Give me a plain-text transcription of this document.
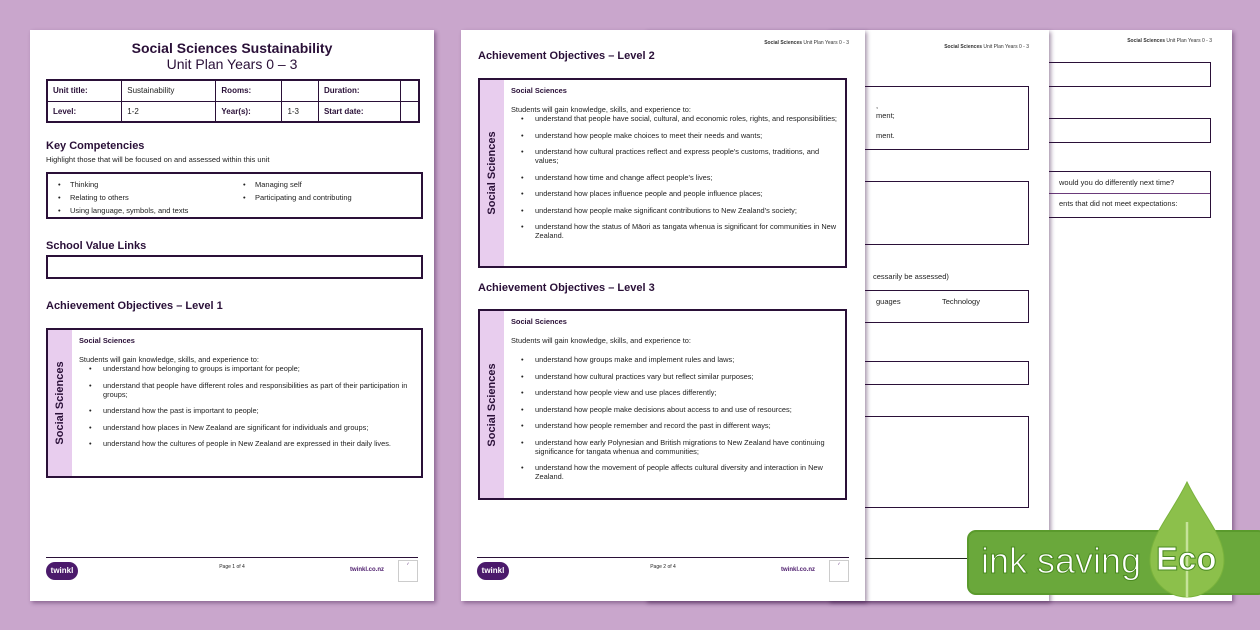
Social Sciences Sustainability
Unit Plan Years 0 – 3
Unit title:	Sustainability	Rooms:		Duration:	
Level:	1-2	Year(s):	1-3	Start date:	
Key Competencies
Highlight those that will be focused on and assessed within this unit
• Thinking	• Managing self
• Relating to others	• Participating and contributing
• Using language, symbols, and texts
School Value Links
Achievement Objectives – Level 1
Social Sciences
Social Sciences
Students will gain knowledge, skills, and experience to:
• understand how belonging to groups is important for people;
• understand that people have different roles and responsibilities as part of their participation in groups;
• understand how the past is important to people;
• understand how places in New Zealand are significant for individuals and groups;
• understand how the cultures of people in New Zealand are expressed in their daily lives.
twinkl	Page 1 of 4	twinkl.co.nz
✓
Social Sciences Unit Plan Years 0 - 3
Achievement Objectives – Level 2
Social Sciences
Social Sciences
Students will gain knowledge, skills, and experience to:
• understand that people have social, cultural, and economic roles, rights, and responsibilities;
• understand how people make choices to meet their needs and wants;
• understand how cultural practices reflect and express people's customs, traditions, and values;
• understand how time and change affect people's lives;
• understand how places influence people and people influence places;
• understand how people make significant contributions to New Zealand's society;
• understand how the status of Māori as tangata whenua is significant for communities in New Zealand.
Achievement Objectives – Level 3
Social Sciences
Social Sciences
Students will gain knowledge, skills, and experience to:
• understand how groups make and implement rules and laws;
• understand how cultural practices vary but reflect similar purposes;
• understand how people view and use places differently;
• understand how people make decisions about access to and use of resources;
• understand how people remember and record the past in different ways;
• understand how early Polynesian and British migrations to New Zealand have continuing significance for tangata whenua and communities;
• understand how the movement of people affects cultural diversity and interaction in New Zealand.
twinkl	Page 2 of 4	twinkl.co.nz
✓
Social Sciences Unit Plan Years 0 - 3
,
ment;
ment.
cessarily be assessed)
guages	Technology
Social Sciences Unit Plan Years 0 - 3
would you do differently next time?
ents that did not meet expectations:
ink saving Eco
